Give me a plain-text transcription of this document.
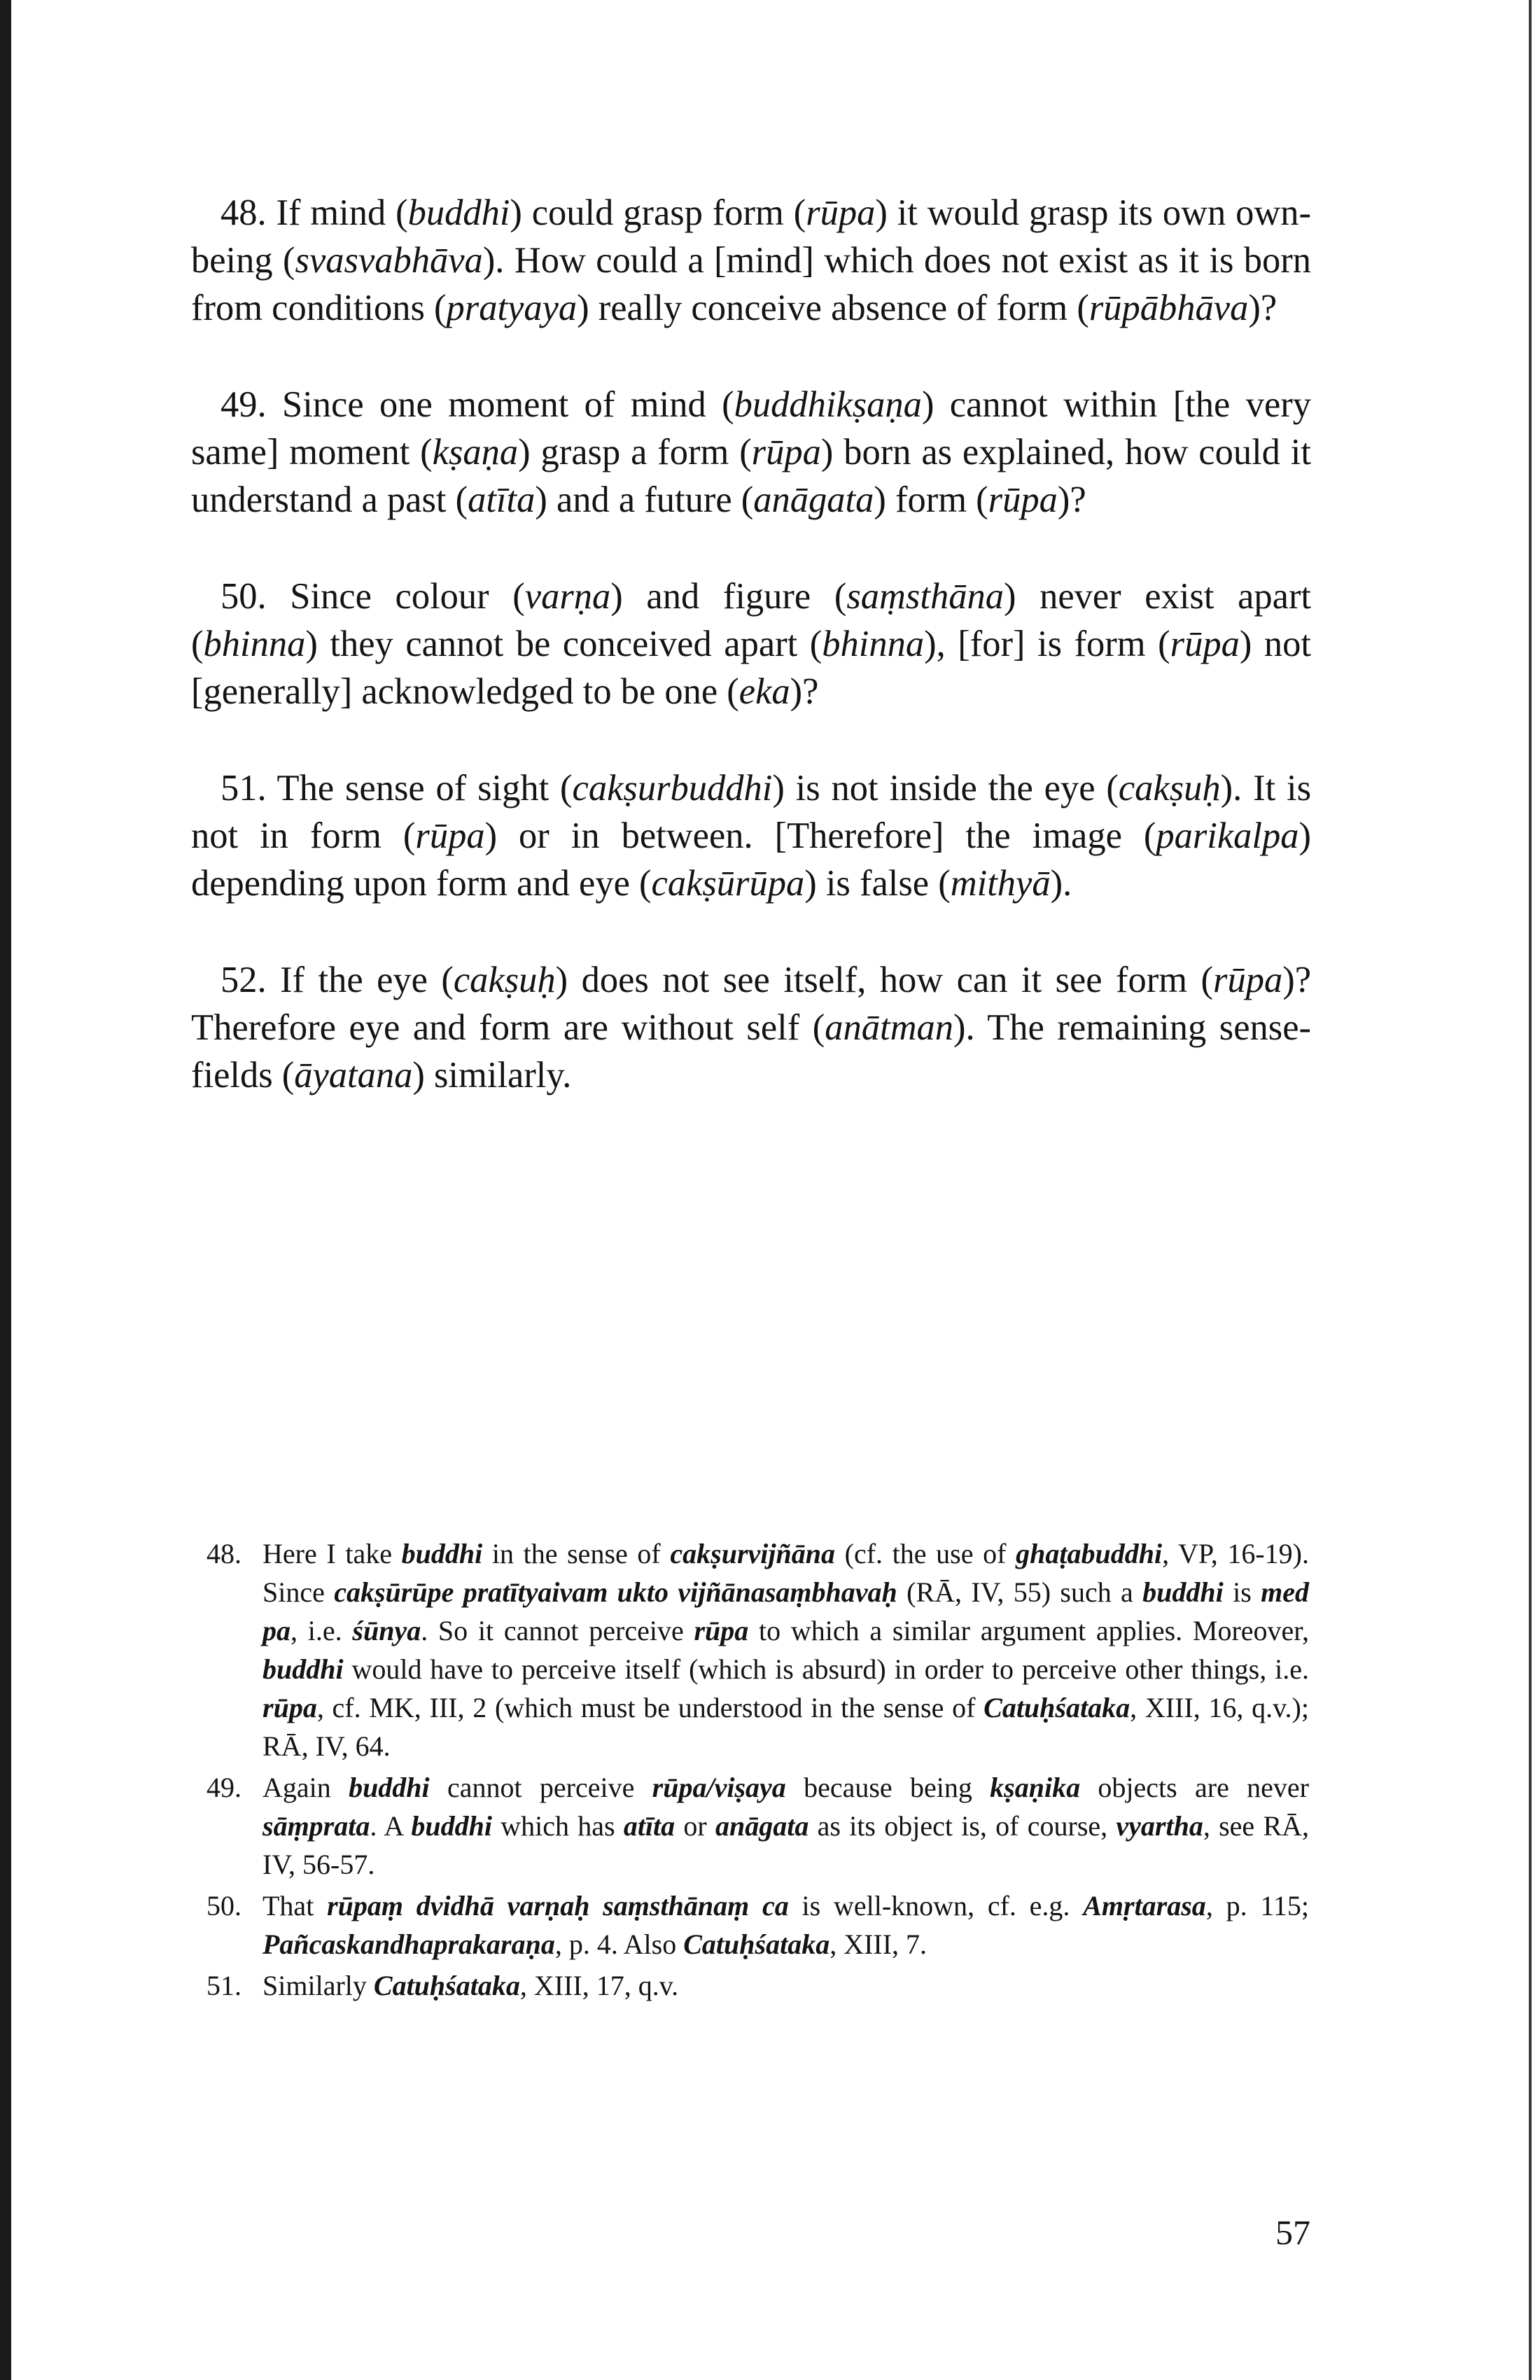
48. If mind (buddhi) could grasp form (rūpa) it would grasp its own own-being (svasvabhāva). How could a [mind] which does not exist as it is born from conditions (pratyaya) really conceive absence of form (rūpābhāva)?

49. Since one moment of mind (buddhikṣaṇa) cannot within [the very same] moment (kṣaṇa) grasp a form (rūpa) born as explained, how could it understand a past (atīta) and a future (anāgata) form (rūpa)?

50. Since colour (varṇa) and figure (saṃsthāna) never exist apart (bhinna) they cannot be conceived apart (bhinna), [for] is form (rūpa) not [generally] acknowledged to be one (eka)?

51. The sense of sight (cakṣurbuddhi) is not inside the eye (cakṣuḥ). It is not in form (rūpa) or in between. [Therefore] the image (parikalpa) depending upon form and eye (cakṣūrūpa) is false (mithyā).

52. If the eye (cakṣuḥ) does not see itself, how can it see form (rūpa)? Therefore eye and form are without self (anātman). The remaining sense-fields (āyatana) similarly.

48. Here I take buddhi in the sense of cakṣurvijñāna (cf. the use of ghaṭabuddhi, VP, 16-19). Since cakṣūrūpe pratītyaivam ukto vijñānasaṃbhavaḥ (RĀ, IV, 55) such a buddhi is med pa, i.e. śūnya. So it cannot perceive rūpa to which a similar argument applies. Moreover, buddhi would have to perceive itself (which is absurd) in order to perceive other things, i.e. rūpa, cf. MK, III, 2 (which must be understood in the sense of Catuḥśataka, XIII, 16, q.v.); RĀ, IV, 64.
49. Again buddhi cannot perceive rūpa/viṣaya because being kṣaṇika objects are never sāṃprata. A buddhi which has atīta or anāgata as its object is, of course, vyartha, see RĀ, IV, 56-57.
50. That rūpaṃ dvidhā varṇaḥ saṃsthānaṃ ca is well-known, cf. e.g. Amṛtarasa, p. 115; Pañcaskandhaprakaraṇa, p. 4. Also Catuḥśataka, XIII, 7.
51. Similarly Catuḥśataka, XIII, 17, q.v.
57
